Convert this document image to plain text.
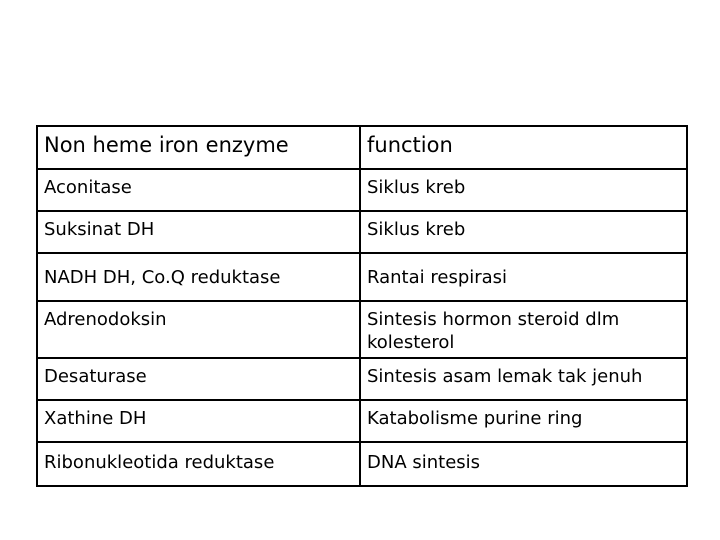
Non heme iron enzyme	function
Aconitase	Siklus kreb
Suksinat DH	Siklus kreb
NADH DH, Co.Q reduktase	Rantai respirasi
Adrenodoksin	Sintesis hormon steroid dlm kolesterol
Desaturase	Sintesis asam lemak tak jenuh
Xathine DH	Katabolisme purine ring
Ribonukleotida reduktase	DNA sintesis
